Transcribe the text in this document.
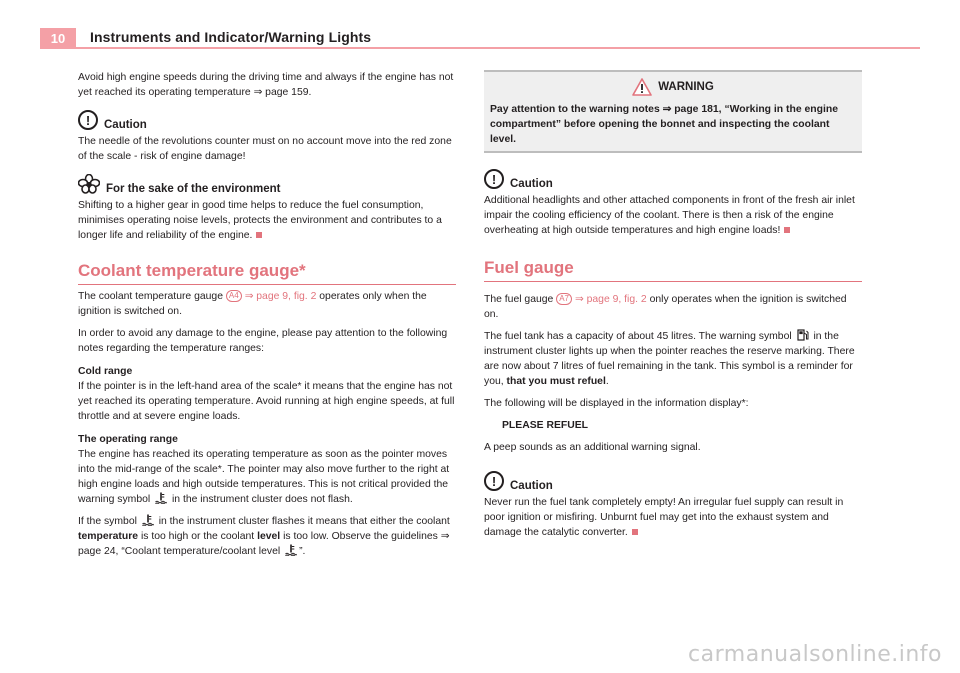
10	Instruments and Indicator/Warning Lights

Avoid high engine speeds during the driving time and always if the engine has not yet reached its operating temperature ⇒ page 159.

!	Caution

The needle of the revolutions counter must on no account move into the red zone of the scale - risk of engine damage!

For the sake of the environment

Shifting to a higher gear in good time helps to reduce the fuel consumption, minimises operating noise levels, protects the environment and contributes to a longer life and reliability of the engine.

Coolant temperature gauge*

The coolant temperature gauge A4 ⇒ page 9, fig. 2 operates only when the ignition is switched on.

In order to avoid any damage to the engine, please pay attention to the following notes regarding the temperature ranges:

Cold range

If the pointer is in the left-hand area of the scale* it means that the engine has not yet reached its operating temperature. Avoid running at high engine speeds, at full throttle and at severe engine loads.

The operating range

The engine has reached its operating temperature as soon as the pointer moves into the mid-range of the scale*. The pointer may also move further to the right at high engine loads and high outside temperatures. This is not critical provided the warning symbol in the instrument cluster does not flash.

If the symbol in the instrument cluster flashes it means that either the coolant temperature is too high or the coolant level is too low. Observe the guidelines ⇒ page 24, “Coolant temperature/coolant level ”.

WARNING
Pay attention to the warning notes ⇒ page 181, “Working in the engine compartment” before opening the bonnet and inspecting the coolant level.
!	Caution

Additional headlights and other attached components in front of the fresh air inlet impair the cooling efficiency of the coolant. There is then a risk of the engine overheating at high outside temperatures and high engine loads!

Fuel gauge

The fuel gauge A7 ⇒ page 9, fig. 2 only operates when the ignition is switched on.

The fuel tank has a capacity of about 45 litres. The warning symbol in the instrument cluster lights up when the pointer reaches the reserve marking. There are now about 7 litres of fuel remaining in the tank. This symbol is a reminder for you, that you must refuel.

The following will be displayed in the information display*:

PLEASE REFUEL

A peep sounds as an additional warning signal.

!	Caution

Never run the fuel tank completely empty! An irregular fuel supply can result in poor ignition or misfiring. Unburnt fuel may get into the exhaust system and damage the catalytic converter.

carmanualsonline.info
